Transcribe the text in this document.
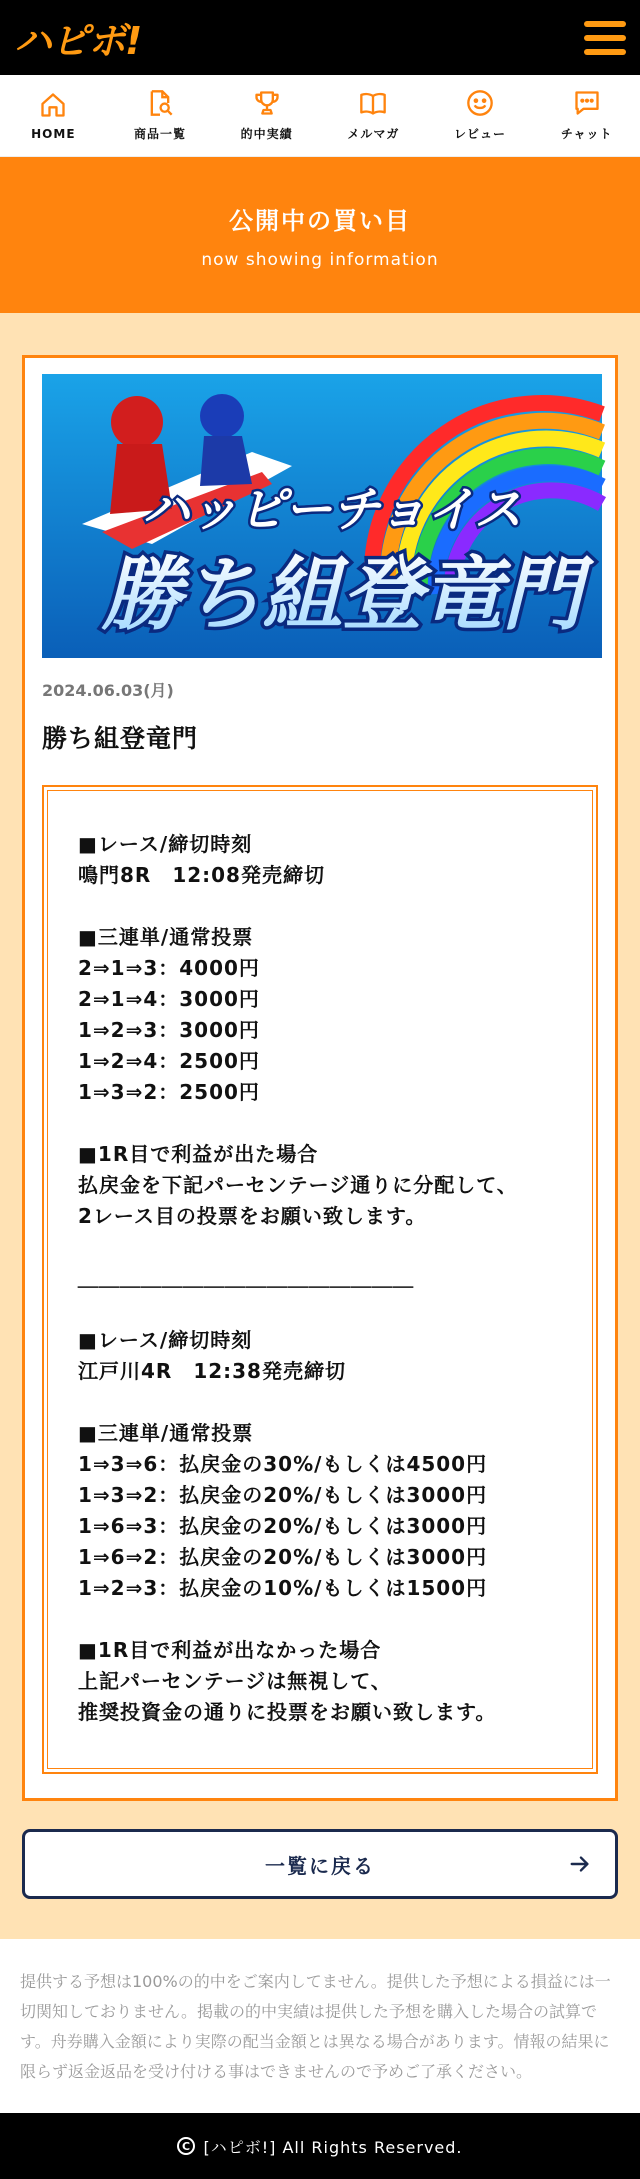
ハピボ!
HOME	商品一覧	的中実績	メルマガ	レビュー	チャット
公開中の買い目
now showing information
ハッピーチョイス
勝ち組登竜門
2024.06.03(月)
勝ち組登竜門
■レース/締切時刻
鳴門8R　12:08発売締切
■三連単/通常投票
2⇒1⇒3：4000円
2⇒1⇒4：3000円
1⇒2⇒3：3000円
1⇒2⇒4：2500円
1⇒3⇒2：2500円
■1R目で利益が出た場合
払戻金を下記パーセンテージ通りに分配して、
2レース目の投票をお願い致します。
＿＿＿＿＿＿＿＿＿＿＿＿＿＿＿＿
■レース/締切時刻
江戸川4R　12:38発売締切
■三連単/通常投票
1⇒3⇒6：払戻金の30%/もしくは4500円
1⇒3⇒2：払戻金の20%/もしくは3000円
1⇒6⇒3：払戻金の20%/もしくは3000円
1⇒6⇒2：払戻金の20%/もしくは3000円
1⇒2⇒3：払戻金の10%/もしくは1500円
■1R目で利益が出なかった場合
上記パーセンテージは無視して、
推奨投資金の通りに投票をお願い致します。
一覧に戻る
提供する予想は100%の的中をご案内してません。提供した予想による損益には一切関知しておりません。掲載の的中実績は提供した予想を購入した場合の試算です。舟券購入金額により実際の配当金額とは異なる場合があります。情報の結果に限らず返金返品を受け付ける事はできませんので予めご了承ください。
C [ハピボ!] All Rights Reserved.
